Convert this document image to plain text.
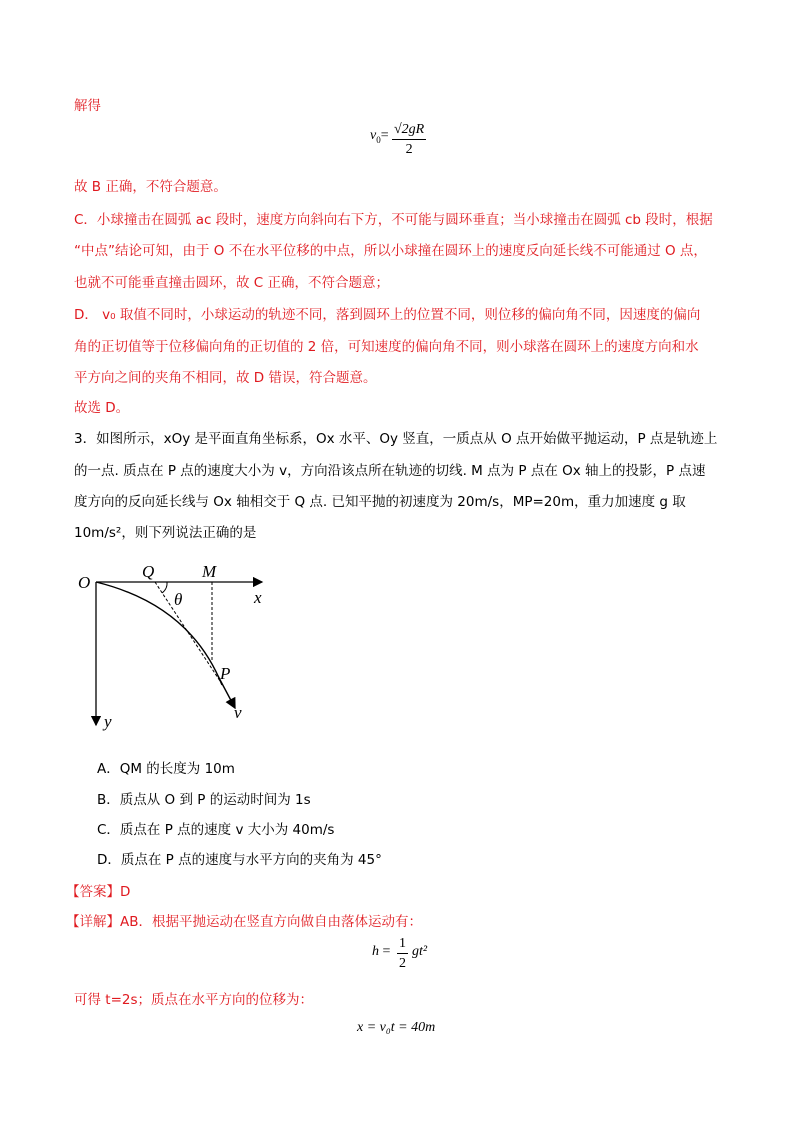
解得
$v_0= \frac{√2gR}{2}$
故 B 正确，不符合题意。
C．小球撞击在圆弧 ac 段时，速度方向斜向右下方，不可能与圆环垂直；当小球撞击在圆弧 cb 段时，根据
“中点”结论可知，由于 O 不在水平位移的中点，所以小球撞在圆环上的速度反向延长线不可能通过 O 点，
也就不可能垂直撞击圆环，故 C 正确，不符合题意；
D． v₀ 取值不同时，小球运动的轨迹不同，落到圆环上的位置不同，则位移的偏向角不同，因速度的偏向
角的正切值等于位移偏向角的正切值的 2 倍，可知速度的偏向角不同，则小球落在圆环上的速度方向和水
平方向之间的夹角不相同，故 D 错误，符合题意。
故选 D。
3．如图所示，xOy 是平面直角坐标系，Ox 水平、Oy 竖直，一质点从 O 点开始做平抛运动，P 点是轨迹上
的一点. 质点在 P 点的速度大小为 v，方向沿该点所在轨迹的切线. M 点为 P 点在 Ox 轴上的投影，P 点速
度方向的反向延长线与 Ox 轴相交于 Q 点. 已知平抛的初速度为 20m/s，MP=20m，重力加速度 g 取
10m/s²，则下列说法正确的是
O
Q	M
x
θ
P
v
y
A．QM 的长度为 10m
B．质点从 O 到 P 的运动时间为 1s
C．质点在 P 点的速度 v 大小为 40m/s
D．质点在 P 点的速度与水平方向的夹角为 45°
【答案】D
【详解】AB．根据平抛运动在竖直方向做自由落体运动有：
$h = \frac{1}{2} gt^2$
可得 t=2s；质点在水平方向的位移为：
x = v₀t = 40m
